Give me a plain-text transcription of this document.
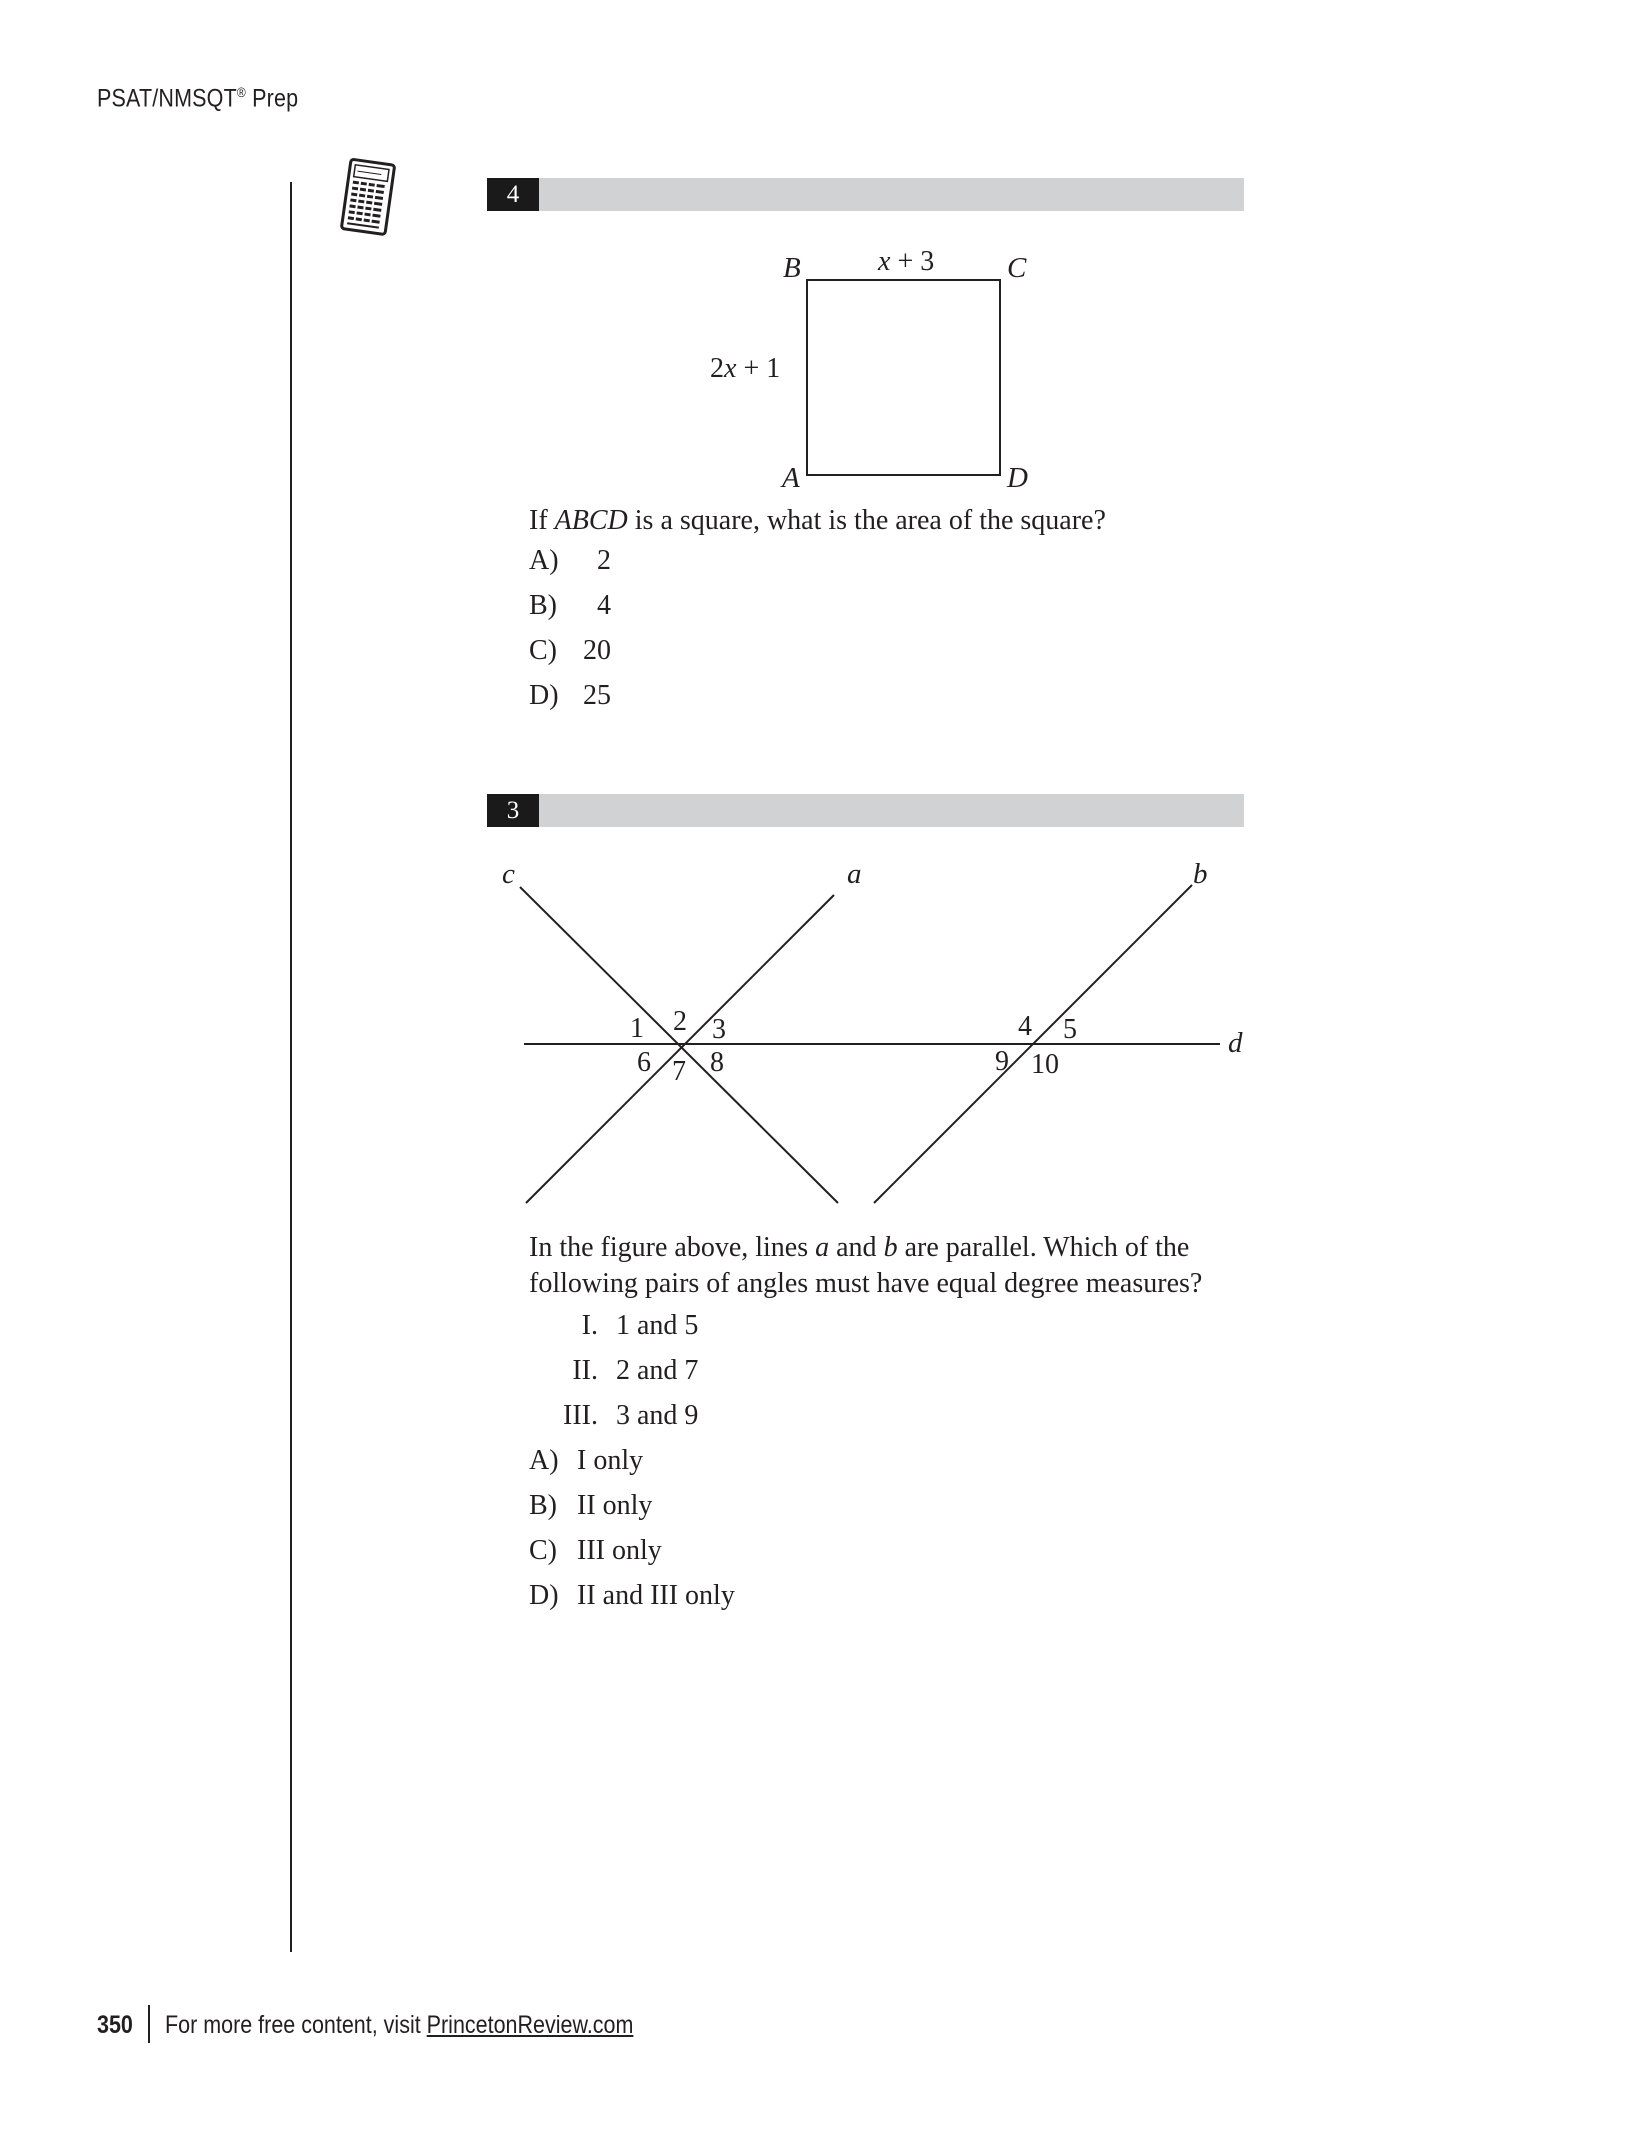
PSAT/NMSQT® Prep
4
B	C
A	D
x + 3
2x + 1
If ABCD is a square, what is the area of the square?
A) 2
B) 4
C) 20
D) 25
3
c	a	b
d
1 2 3
6 7 8
4 5
9 10
In the figure above, lines a and b are parallel. Which of the
following pairs of angles must have equal degree measures?
I. 1 and 5
II. 2 and 7
III. 3 and 9
A) I only
B) II only
C) III only
D) II and III only
350 For more free content, visit PrincetonReview.com
